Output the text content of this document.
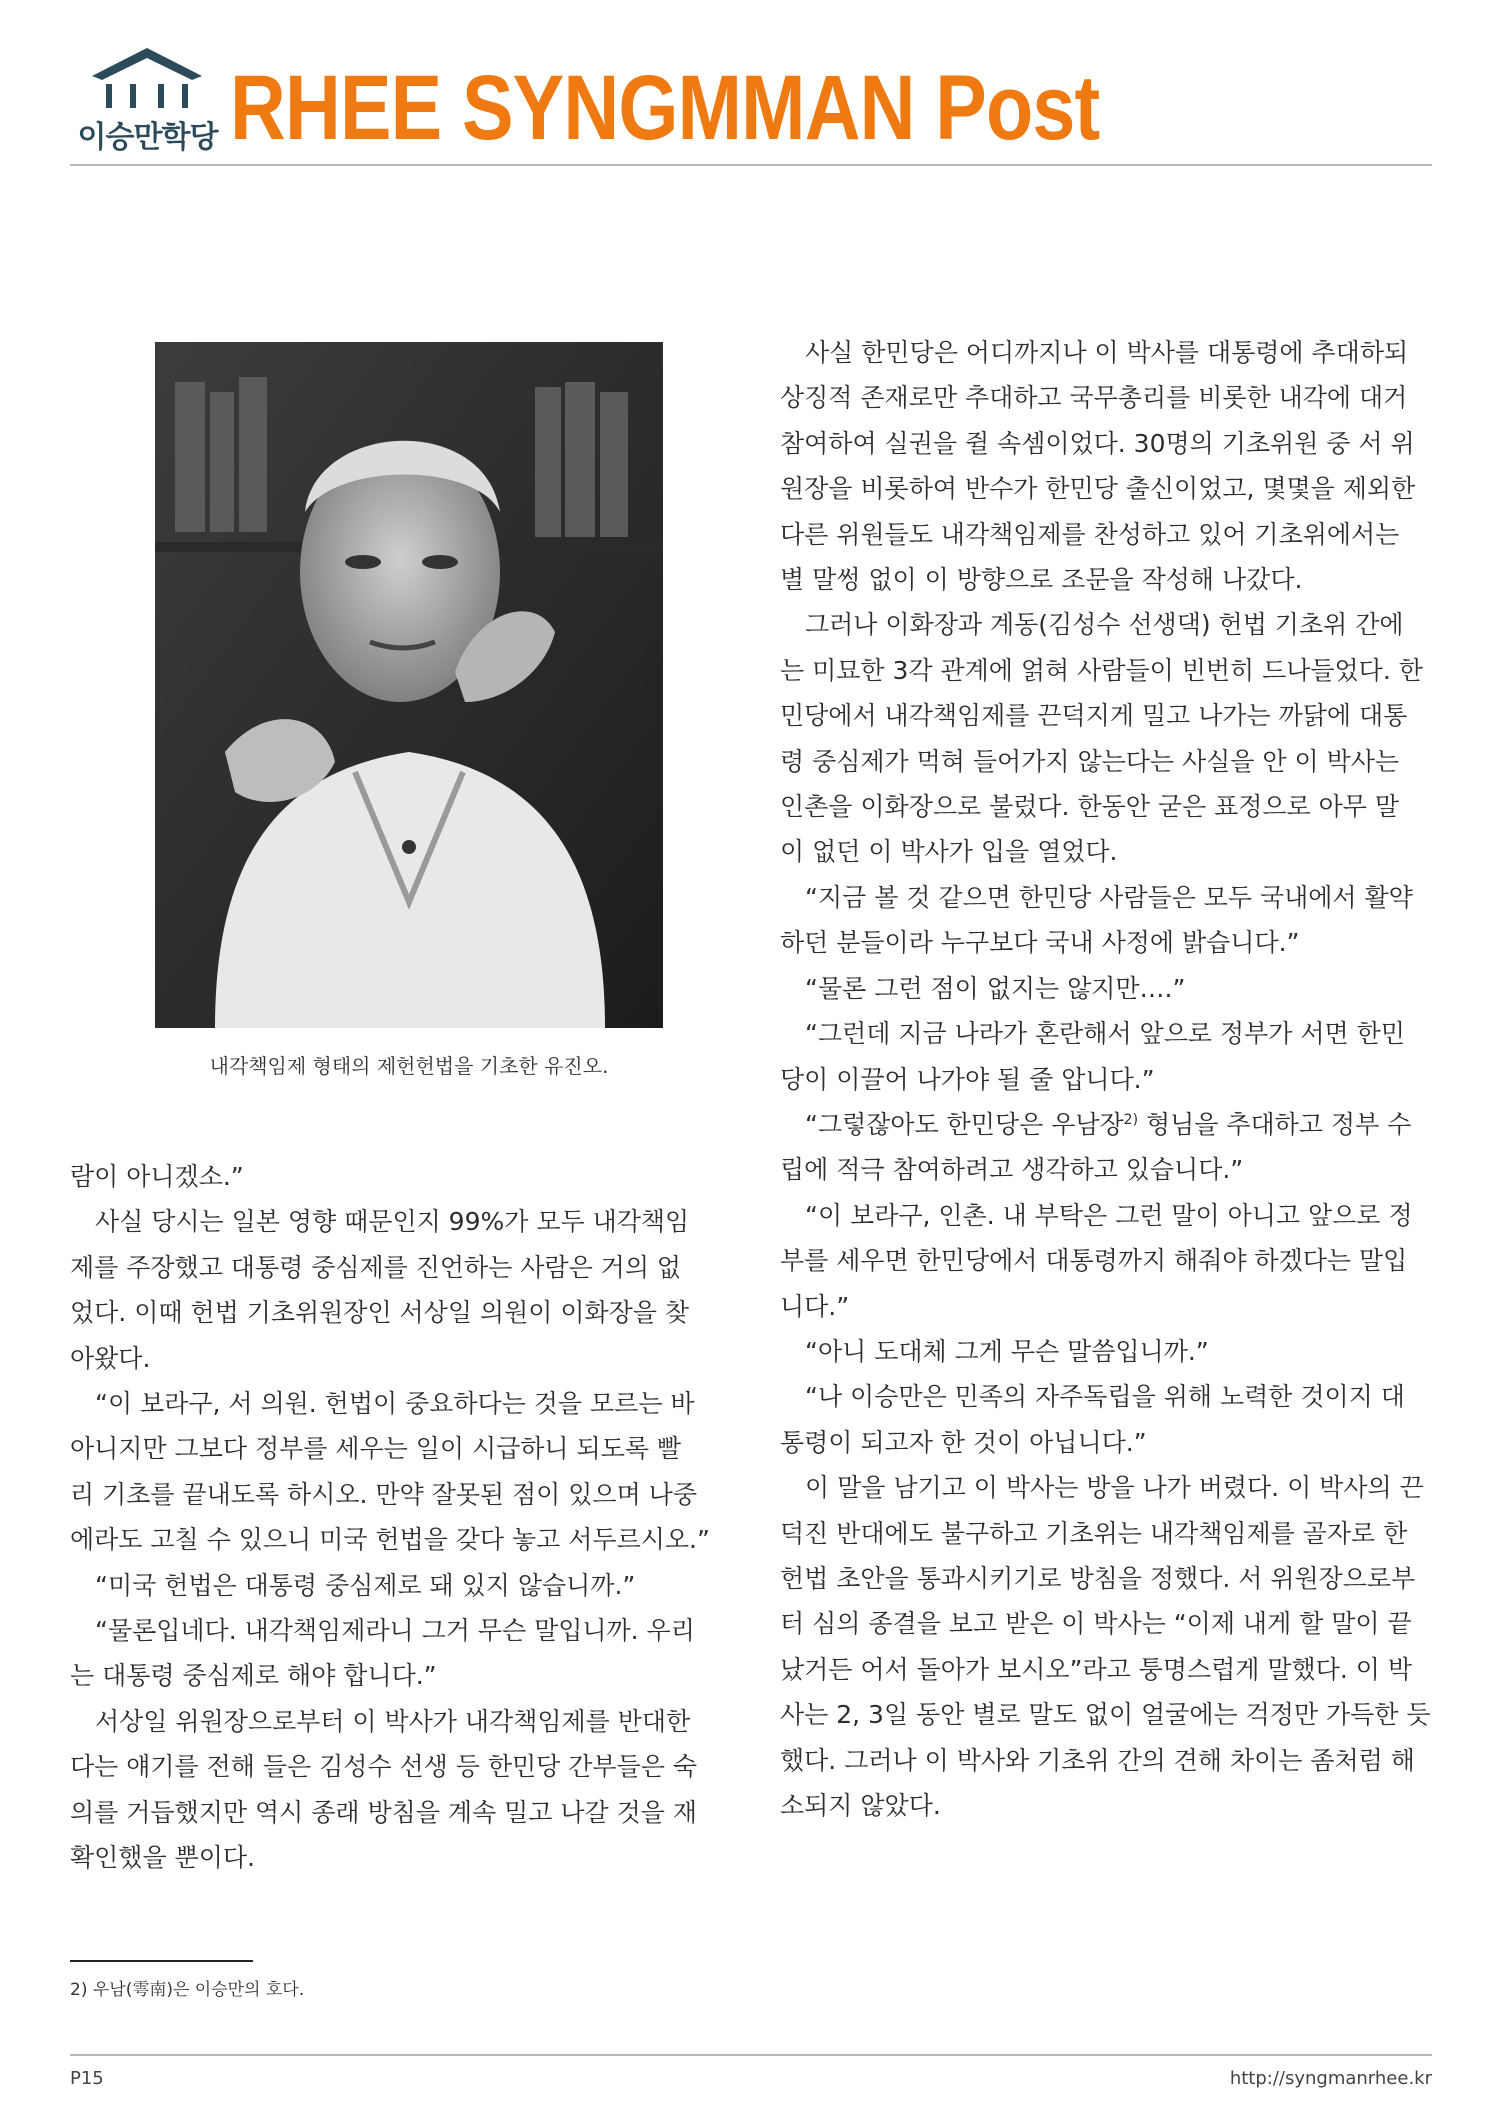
이승만학당 RHEE SYNGMMAN Post
내각책임제 형태의 제헌헌법을 기초한 유진오.

람이 아니겠소.”

사실 당시는 일본 영향 때문인지 99%가 모두 내각책임

제를 주장했고 대통령 중심제를 진언하는 사람은 거의 없

었다. 이때 헌법 기초위원장인 서상일 의원이 이화장을 찾

아왔다.

“이 보라구, 서 의원. 헌법이 중요하다는 것을 모르는 바

아니지만 그보다 정부를 세우는 일이 시급하니 되도록 빨

리 기초를 끝내도록 하시오. 만약 잘못된 점이 있으며 나중

에라도 고칠 수 있으니 미국 헌법을 갖다 놓고 서두르시오.”

“미국 헌법은 대통령 중심제로 돼 있지 않습니까.”

“물론입네다. 내각책임제라니 그거 무슨 말입니까. 우리

는 대통령 중심제로 해야 합니다.”

서상일 위원장으로부터 이 박사가 내각책임제를 반대한

다는 얘기를 전해 들은 김성수 선생 등 한민당 간부들은 숙

의를 거듭했지만 역시 종래 방침을 계속 밀고 나갈 것을 재

확인했을 뿐이다.

사실 한민당은 어디까지나 이 박사를 대통령에 추대하되

상징적 존재로만 추대하고 국무총리를 비롯한 내각에 대거

참여하여 실권을 쥘 속셈이었다. 30명의 기초위원 중 서 위

원장을 비롯하여 반수가 한민당 출신이었고, 몇몇을 제외한

다른 위원들도 내각책임제를 찬성하고 있어 기초위에서는

별 말썽 없이 이 방향으로 조문을 작성해 나갔다.

그러나 이화장과 계동(김성수 선생댁) 헌법 기초위 간에

는 미묘한 3각 관계에 얽혀 사람들이 빈번히 드나들었다. 한

민당에서 내각책임제를 끈덕지게 밀고 나가는 까닭에 대통

령 중심제가 먹혀 들어가지 않는다는 사실을 안 이 박사는

인촌을 이화장으로 불렀다. 한동안 굳은 표정으로 아무 말

이 없던 이 박사가 입을 열었다.

“지금 볼 것 같으면 한민당 사람들은 모두 국내에서 활약

하던 분들이라 누구보다 국내 사정에 밝습니다.”

“물론 그런 점이 없지는 않지만….”

“그런데 지금 나라가 혼란해서 앞으로 정부가 서면 한민

당이 이끌어 나가야 될 줄 압니다.”

“그렇잖아도 한민당은 우남장$^{2)}$ 형님을 추대하고 정부 수

립에 적극 참여하려고 생각하고 있습니다.”

“이 보라구, 인촌. 내 부탁은 그런 말이 아니고 앞으로 정

부를 세우면 한민당에서 대통령까지 해줘야 하겠다는 말입

니다.”

“아니 도대체 그게 무슨 말씀입니까.”

“나 이승만은 민족의 자주독립을 위해 노력한 것이지 대

통령이 되고자 한 것이 아닙니다.”

이 말을 남기고 이 박사는 방을 나가 버렸다. 이 박사의 끈

덕진 반대에도 불구하고 기초위는 내각책임제를 골자로 한

헌법 초안을 통과시키기로 방침을 정했다. 서 위원장으로부

터 심의 종결을 보고 받은 이 박사는 “이제 내게 할 말이 끝

났거든 어서 돌아가 보시오”라고 퉁명스럽게 말했다. 이 박

사는 2, 3일 동안 별로 말도 없이 얼굴에는 걱정만 가득한 듯

했다. 그러나 이 박사와 기초위 간의 견해 차이는 좀처럼 해

소되지 않았다.

2) 우남(雩南)은 이승만의 호다.
P15	http://syngmanrhee.kr
